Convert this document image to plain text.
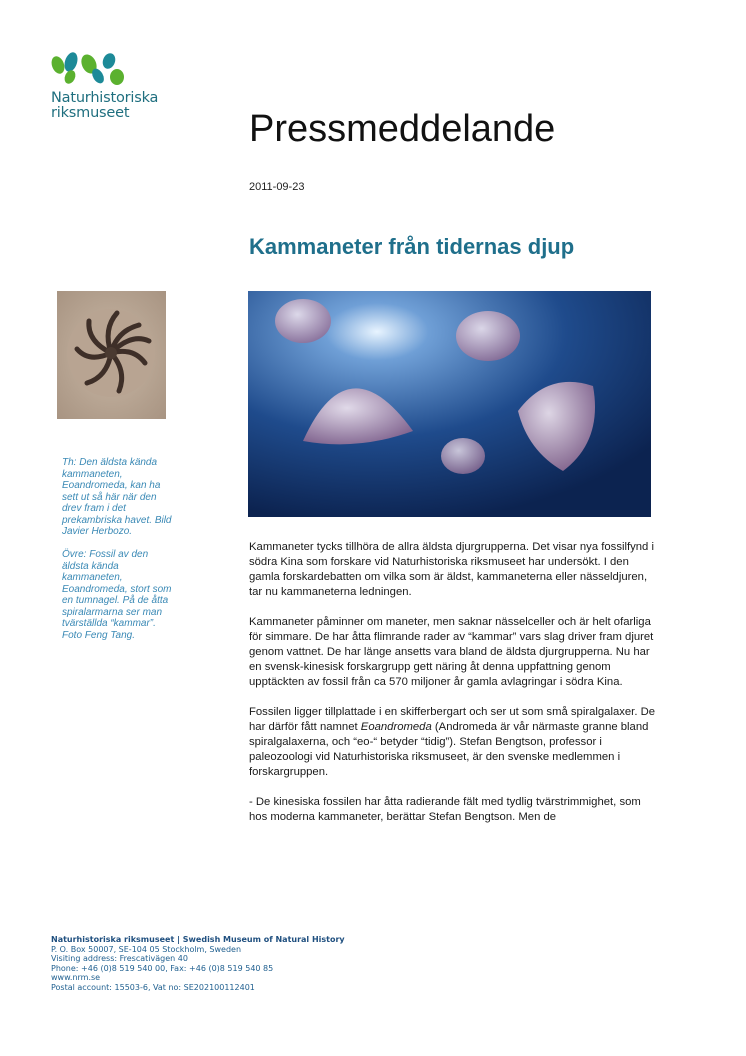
Naturhistoriska
riksmuseet	Pressmeddelande
2011-09-23
Kammaneter från tidernas djup

Th: Den äldsta kända kammaneten, Eoandromeda, kan ha sett ut så här när den drev fram i det prekambriska havet. Bild Javier Herbozo.

Övre: Fossil av den äldsta kända kammaneten, Eoandromeda, stort som en tumnagel. På de åtta spiralarmarna ser man tvärställda “kammar”. Foto Feng Tang.

Kammaneter tycks tillhöra de allra äldsta djurgrupperna. Det visar nya fossilfynd i södra Kina som forskare vid Naturhistoriska riksmuseet har undersökt. I den gamla forskardebatten om vilka som är äldst, kammaneterna eller nässeldjuren, tar nu kammaneterna ledningen.

Kammaneter påminner om maneter, men saknar nässelceller och är helt ofarliga för simmare. De har åtta flimrande rader av “kammar” vars slag driver fram djuret genom vattnet. De har länge ansetts vara bland de äldsta djurgrupperna. Nu har en svensk-kinesisk forskargrupp gett näring åt denna uppfattning genom upptäckten av fossil från ca 570 miljoner år gamla avlagringar i södra Kina.

Fossilen ligger tillplattade i en skifferbergart och ser ut som små spiralgalaxer. De har därför fått namnet Eoandromeda (Andromeda är vår närmaste granne bland spiralgalaxerna, och “eo-“ betyder “tidig”). Stefan Bengtson, professor i paleozoologi vid Naturhistoriska riksmuseet, är den svenske medlemmen i forskargruppen.

- De kinesiska fossilen har åtta radierande fält med tydlig tvärstrimmighet, som hos moderna kammaneter, berättar Stefan Bengtson. Men de

Naturhistoriska riksmuseet | Swedish Museum of Natural History
P. O. Box 50007, SE-104 05 Stockholm, Sweden
Visiting address: Frescativägen 40
Phone: +46 (0)8 519 540 00, Fax: +46 (0)8 519 540 85
www.nrm.se
Postal account: 15503-6, Vat no: SE202100112401
